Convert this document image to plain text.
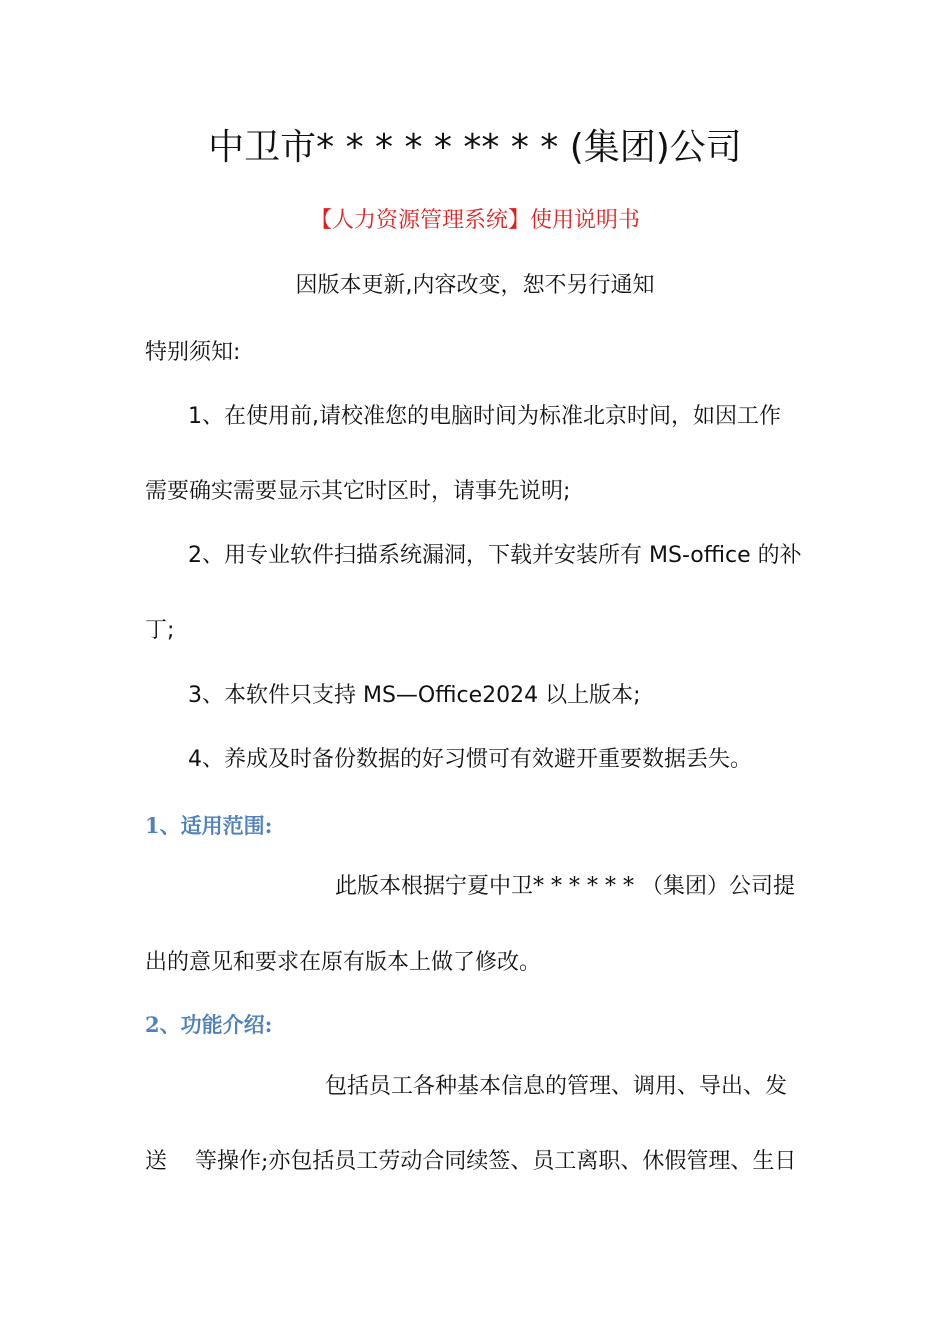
中卫市* * * * * ** * * (集团)公司
【人力资源管理系统】使用说明书
因版本更新,内容改变，恕不另行通知
特别须知:
1、在使用前,请校准您的电脑时间为标准北京时间，如因工作
需要确实需要显示其它时区时，请事先说明;
2、用专业软件扫描系统漏洞，下载并安装所有 MS-office 的补
丁;
3、本软件只支持 MS—Office2024 以上版本;
4、养成及时备份数据的好习惯可有效避开重要数据丢失。
1、适用范围:
此版本根据宁夏中卫* * * * * * （集团）公司提
出的意见和要求在原有版本上做了修改。
2、功能介绍:
包括员工各种基本信息的管理、调用、导出、发
送    等操作;亦包括员工劳动合同续签、员工离职、休假管理、生日
